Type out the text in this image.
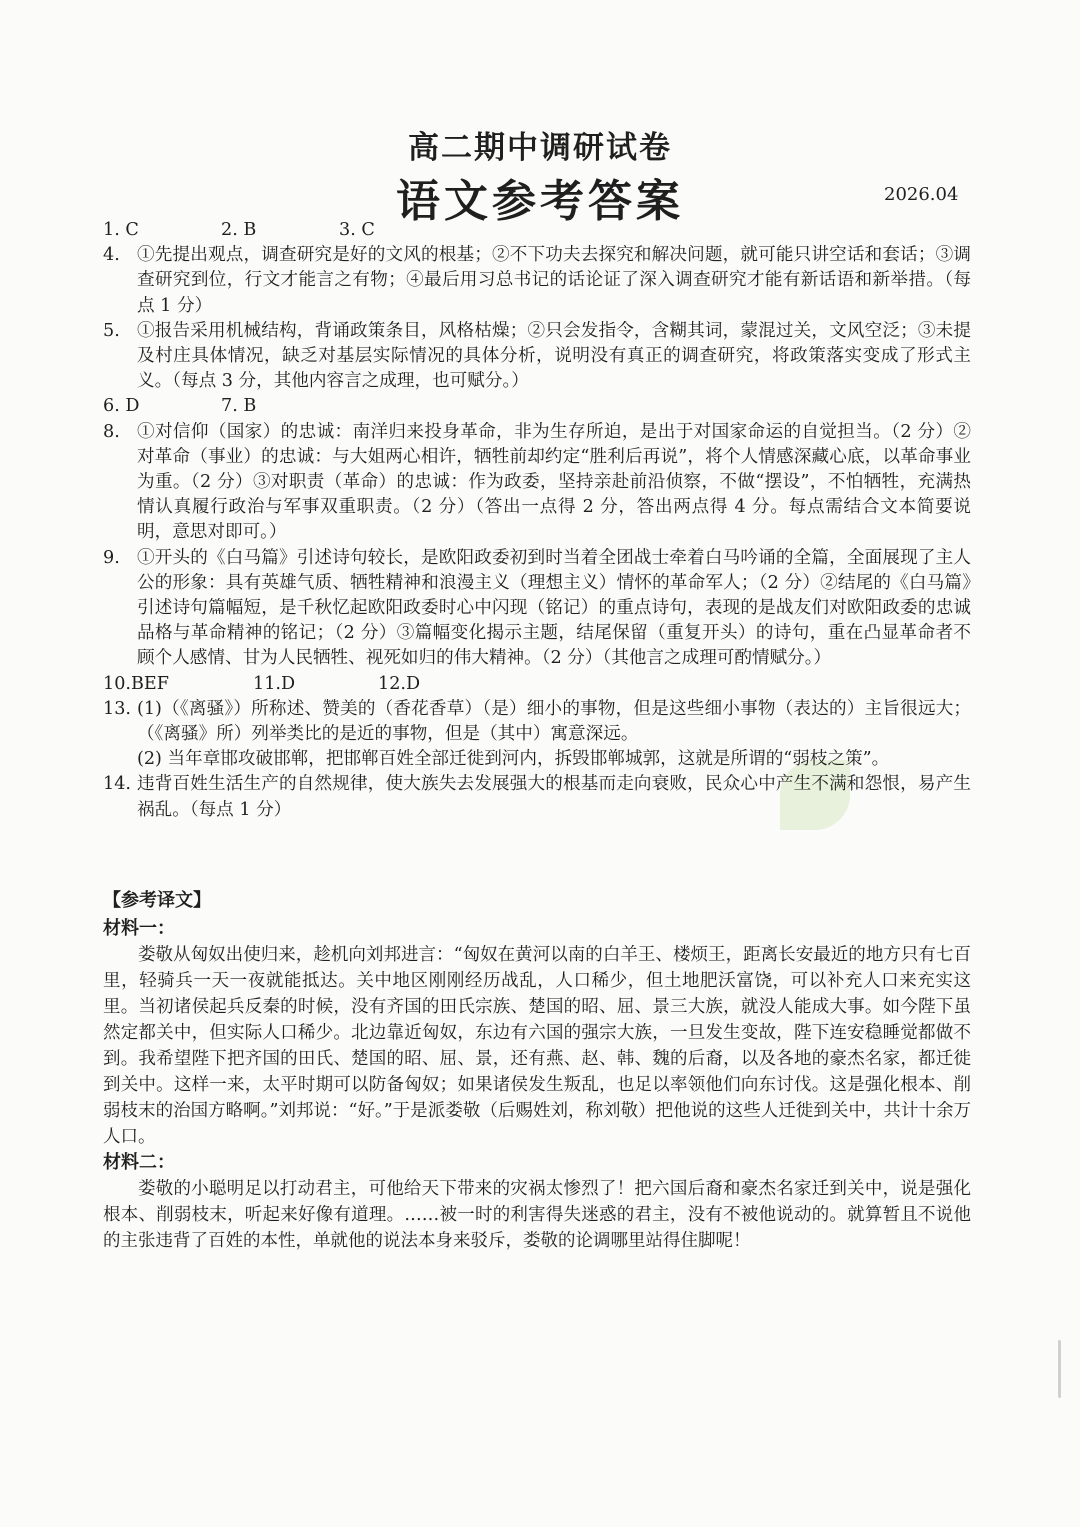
高二期中调研试卷
语文参考答案	2026.04
1. C	2. B	3. C
4. ①先提出观点，调查研究是好的文风的根基；②不下功夫去探究和解决问题，就可能只讲空话和套话；③调查研究到位，行文才能言之有物；④最后用习总书记的话论证了深入调查研究才能有新话语和新举措。（每点 1 分）
5. ①报告采用机械结构，背诵政策条目，风格枯燥；②只会发指令，含糊其词，蒙混过关，文风空泛；③未提及村庄具体情况，缺乏对基层实际情况的具体分析，说明没有真正的调查研究，将政策落实变成了形式主义。（每点 3 分，其他内容言之成理，也可赋分。）
6. D	7. B
8. ①对信仰（国家）的忠诚：南洋归来投身革命，非为生存所迫，是出于对国家命运的自觉担当。（2 分）②对革命（事业）的忠诚：与大姐两心相许，牺牲前却约定“胜利后再说”，将个人情感深藏心底，以革命事业为重。（2 分）③对职责（革命）的忠诚：作为政委，坚持亲赴前沿侦察，不做“摆设”，不怕牺牲，充满热情认真履行政治与军事双重职责。（2 分）（答出一点得 2 分，答出两点得 4 分。每点需结合文本简要说明，意思对即可。）
9. ①开头的《白马篇》引述诗句较长，是欧阳政委初到时当着全团战士牵着白马吟诵的全篇，全面展现了主人公的形象：具有英雄气质、牺牲精神和浪漫主义（理想主义）情怀的革命军人；（2 分）②结尾的《白马篇》引述诗句篇幅短，是千秋忆起欧阳政委时心中闪现（铭记）的重点诗句，表现的是战友们对欧阳政委的忠诚品格与革命精神的铭记；（2 分）③篇幅变化揭示主题，结尾保留（重复开头）的诗句，重在凸显革命者不顾个人感情、甘为人民牺牲、视死如归的伟大精神。（2 分）（其他言之成理可酌情赋分。）
10.BEF	11.D	12.D
13. (1)（《离骚》）所称述、赞美的（香花香草）（是）细小的事物，但是这些细小事物（表达的）主旨很远大；（《离骚》所）列举类比的是近的事物，但是（其中）寓意深远。

(2) 当年章邯攻破邯郸，把邯郸百姓全部迁徙到河内，拆毁邯郸城郭，这就是所谓的“弱枝之策”。

14. 违背百姓生活生产的自然规律，使大族失去发展强大的根基而走向衰败，民众心中产生不满和怨恨，易产生祸乱。（每点 1 分）
【参考译文】
材料一：

娄敬从匈奴出使归来，趁机向刘邦进言：“匈奴在黄河以南的白羊王、楼烦王，距离长安最近的地方只有七百里，轻骑兵一天一夜就能抵达。关中地区刚刚经历战乱，人口稀少，但土地肥沃富饶，可以补充人口来充实这里。当初诸侯起兵反秦的时候，没有齐国的田氏宗族、楚国的昭、屈、景三大族，就没人能成大事。如今陛下虽然定都关中，但实际人口稀少。北边靠近匈奴，东边有六国的强宗大族，一旦发生变故，陛下连安稳睡觉都做不到。我希望陛下把齐国的田氏、楚国的昭、屈、景，还有燕、赵、韩、魏的后裔，以及各地的豪杰名家，都迁徙到关中。这样一来，太平时期可以防备匈奴；如果诸侯发生叛乱，也足以率领他们向东讨伐。这是强化根本、削弱枝末的治国方略啊。”刘邦说：“好。”于是派娄敬（后赐姓刘，称刘敬）把他说的这些人迁徙到关中，共计十余万人口。

材料二：

娄敬的小聪明足以打动君主，可他给天下带来的灾祸太惨烈了！把六国后裔和豪杰名家迁到关中，说是强化根本、削弱枝末，听起来好像有道理。……被一时的利害得失迷惑的君主，没有不被他说动的。就算暂且不说他的主张违背了百姓的本性，单就他的说法本身来驳斥，娄敬的论调哪里站得住脚呢！
